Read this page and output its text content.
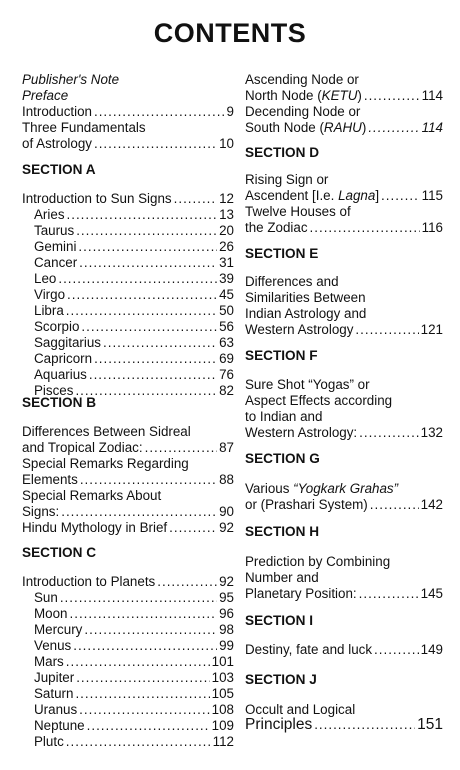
CONTENTS
Publisher's Note
Preface
Introduction .....	9
Three Fundamentals
of Astrology .....	10
SECTION A
Introduction to Sun Signs .....	12
Aries .....	13
Taurus .....	20
Gemini .....	26
Cancer .....	31
Leo .....	39
Virgo .....	45
Libra .....	50
Scorpio .....	56
Saggitarius .....	63
Capricorn .....	69
Aquarius .....	76
Pisces .....	82
SECTION B
Differences Between Sidreal
and Tropical Zodiac: .....	87
Special Remarks Regarding
Elements .....	88
Special Remarks About
Signs: .....	90
Hindu Mythology in Brief .....	92
SECTION C
Introduction to Planets .....	92
Sun .....	95
Moon .....	96
Mercury .....	98
Venus .....	99
Mars .....	101
Jupiter .....	103
Saturn .....	105
Uranus .....	108
Neptune .....	109
Plutc .....	112
Ascending Node or
North Node (KETU) .....	114
Decending Node or
South Node (RAHU) .....	114
SECTION D
Rising Sign or
Ascendent [I.e. Lagna] .....	115
Twelve Houses of
the Zodiac .....	116
SECTION E
Differences and
Similarities Between
Indian Astrology and
Western Astrology .....	121
SECTION F
Sure Shot “Yogas” or
Aspect Effects according
to Indian and
Western Astrology: .....	132
SECTION G
Various “Yogkark Grahas”
or (Prashari System) .....	142
SECTION H
Prediction by Combining
Number and
Planetary Position: .....	145
SECTION I
Destiny, fate and luck .....	149
SECTION J
Occult and Logical
Principles .....	151
